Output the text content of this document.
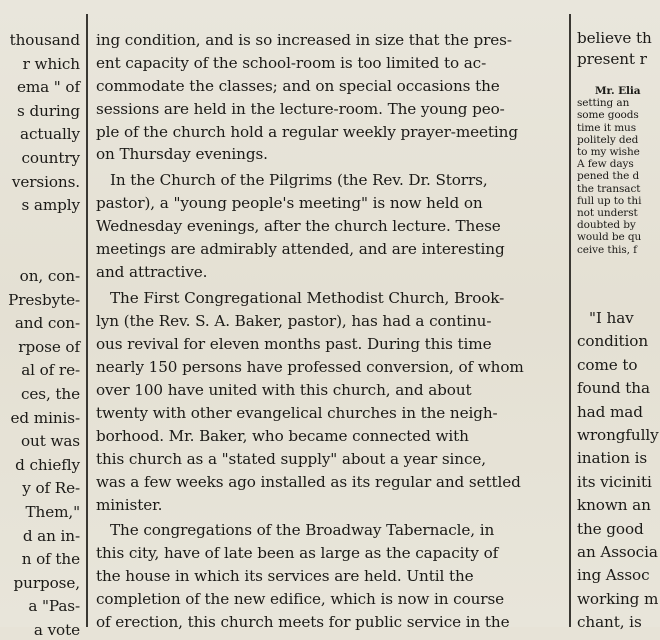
thousand
r which
ema " of
s during
actually
country
versions.
s amply
on, con-
Presbyte-
and con-
rpose of
al of re-
ces, the
ed minis-
out was
d chiefly
y of Re-
Them,"
d an in-
n of the
purpose,
a "Pas-
a vote
ing condition, and is so increased in size that the pres-
ent capacity of the school-room is too limited to ac-
commodate the classes; and on special occasions the
sessions are held in the lecture-room. The young peo-
ple of the church hold a regular weekly prayer-meeting
on Thursday evenings.
In the Church of the Pilgrims (the Rev. Dr. Storrs,
pastor), a "young people's meeting" is now held on
Wednesday evenings, after the church lecture. These
meetings are admirably attended, and are interesting
and attractive.
The First Congregational Methodist Church, Brook-
lyn (the Rev. S. A. Baker, pastor), has had a continu-
ous revival for eleven months past. During this time
nearly 150 persons have professed conversion, of whom
over 100 have united with this church, and about
twenty with other evangelical churches in the neigh-
borhood. Mr. Baker, who became connected with
this church as a "stated supply" about a year since,
was a few weeks ago installed as its regular and settled
minister.
The congregations of the Broadway Tabernacle, in
this city, have of late been as large as the capacity of
the house in which its services are held. Until the
completion of the new edifice, which is now in course
of erection, this church meets for public service in the
believe th
present r
Mr. Elia
setting an
some goods
time it mus
politely ded
to my wishe
A few days
pened the d
the transact
full up to thi
not underst
doubted by
would be qu
ceive this, f
"I hav
condition
come to
found tha
had mad
wrongfully
ination is
its viciniti
known an
the good
an Associa
ing Assoc
working m
chant, is
